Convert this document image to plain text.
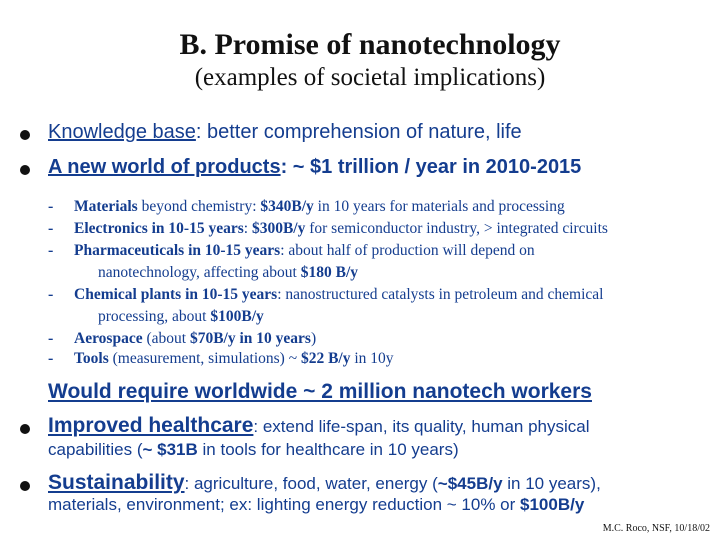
B. Promise of nanotechnology
(examples of societal implications)
Knowledge base: better comprehension of nature, life
A new world of products: ~ $1 trillion / year in 2010-2015
- Materials beyond chemistry: $340B/y in 10 years for materials and processing
- Electronics in 10-15 years: $300B/y for semiconductor industry, > integrated circuits
- Pharmaceuticals in 10-15 years: about half of production will depend on
nanotechnology, affecting about $180 B/y
- Chemical plants in 10-15 years: nanostructured catalysts in petroleum and chemical
processing, about $100B/y
- Aerospace (about $70B/y in 10 years)
- Tools (measurement, simulations) ~ $22 B/y in 10y
Would require worldwide ~ 2 million nanotech workers
Improved healthcare: extend life-span, its quality, human physical
capabilities (~ $31B in tools for healthcare in 10 years)
Sustainability: agriculture, food, water, energy (~$45B/y in 10 years),
materials, environment; ex: lighting energy reduction ~ 10% or $100B/y
M.C. Roco, NSF, 10/18/02
